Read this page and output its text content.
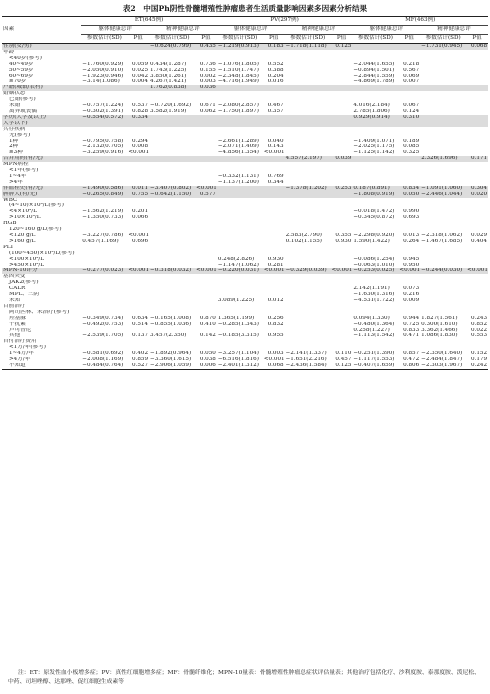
表2　中国Ph阴性骨髓增殖性肿瘤患者生活质量影响因素多因素分析结果
	ET(645例)				PV(297例)				MF(463例)			
因素	躯体健康总评		精神健康总评		躯体健康总评		精神健康总评		躯体健康总评		精神健康总评	
	参数估计(SD)	P值	参数估计(SD)	P值	参数估计(SD)	P值	参数估计(SD)	P值	参数估计(SD)	P值	参数估计(SD)	P值
性别(女/男)			−0.624(0.799)	0.435	−1.219(0.913)	0.183	−1.718(1.118)	0.125			−1.731(0.945)	0.068
年龄												
<40岁(参考)												
40~49岁	−1.760(0.929)	0.059	0.434(1.287)	0.736	−1.076(1.805)	0.552			−2.044(1.655)	0.218		
50~59岁	−2.050(0.910)	0.025	1.743(1.225)	0.155	−1.510(1.747)	0.388			−0.894(1.501)	0.567		
60~69岁	−1.923(0.946)	0.042	3.850(1.261)	0.002	−2.348(1.845)	0.204			−2.844(1.559)	0.069		
≥70岁	−3.14(1.086)	0.004	4.267(1.421)	0.003	−4.716(1.949)	0.016			−4.869(1.789)	0.007		
户籍(城镇/农村)			1.762(0.838)	0.036								
婚姻状态												
已婚(参考)												
未婚	−0.757(1.224)	0.537	−0.720(1.692)	0.671	−2.080(2.857)	0.467			4.016(2.184)	0.067		
离异或丧偶	−0.302(1.391)	0.828	3.582(1.919)	0.062	−1.750(1.897)	0.357			2.785(1.806)	0.124		
学历(大学及以上/	−0.554(0.572)	0.334							0.929(0.914)	0.310		
大学以下)												
共存疾病												
无(参考)												
1种	−0.795(0.758)	0.294			−2.661(1.289)	0.040			−1.409(1.071)	0.189		
2种	−2.132(0.705)	0.008			−2.071(1.409)	0.143			−2.025(1.175)	0.085		
≥3种	−3.259(0.916)	<0.001			−4.856(1.354)	<0.001			−1.125(1.142)	0.325		
合并用药(有/无)							4.557(2.197)	0.039			2.326(1.696)	0.171
MPN病程												
<1年(参考)												
1~4年					−0.332(1.131)	0.769						
>4年					−1.137(1.200)	0.344						
伴血栓史(有/无)	−1.490(0.586)	0.011	−3.407(0.802)	<0.001			−1.378(1.202)	0.253	0.187(0.891)	0.834	−1.091(1.060)	0.304
脾肿大(有/无)	−0.265(0.849)	0.755	−0.642(1.150)	0.577					−1.808(0.919)	0.050	−2.446(1.044)	0.020
WBC												
(4~10)×10⁹/L(参考)												
<4×10⁹/L	−1.562(1.219)	0.201							−0.018(1.472)	0.990		
>10×10⁹/L	−1.350(0.733)	0.066							−0.345(0.872)	0.693		
HGB												
120~160 g/L(参考)												
<120 g/L	−3.227(0.786)	<0.001					2.583(2.790)	0.355	−2.298(0.920)	0.013	−2.318(1.062)	0.029
>160 g/L	0.457(1.169)	0.696					0.102(1.155)	0.930	1.590(1.422)	0.264	−1.467(1.685)	0.404
PLT												
(100~450)×10⁹/L(参考)												
<100×10⁹/L					0.248(2.826)	0.930			−0.086(1.254)	0.945		
>450×10⁹/L					−1.147(1.062)	0.281			−0.063(1.010)	0.950		
MPN-10评分	−0.277(0.023)	<0.001	−0.318(0.032)	<0.001	−0.220(0.031)	<0.001	−0.329(0.039)	<0.001	−0.253(0.025)	<0.001	−0.244(0.030)	<0.001
基因突变												
JAK2(参考)												
CALR									2.142(1.191)	0.073		
MPL、三阴									−1.630(1.316)	0.216		
未知					3.089(1.225)	0.012			−4.531(1.722)	0.009		
目前治疗												
阿司匹林、未治疗(参考)												
羟基脲	−0.349(0.734)	0.634	−0.165(1.008)	0.870	1.365(1.199)	0.256			0.094(1.330)	0.944	1.827(1.561)	0.243
干扰素	−0.492(0.753)	0.514	−0.855(1.036)	0.410	−0.285(1.343)	0.832			−0.480(1.364)	0.725	0.300(1.610)	0.852
芦可替尼									0.258(1.227)	0.833	3.362(1.466)	0.022
其他	−2.539(1.705)	0.137	3.457(2.350)	0.142	−0.185(3.315)	0.955			−1.113(1.542)	0.471	1.086(1.830)	0.553
自付治疗费用												
<1万/年(参考)												
1~4万/年	−0.581(0.692)	0.402	−1.892(0.964)	0.050	−3.257(1.104)	0.003	−2.141(1.337)	0.110	−0.251(1.390)	0.857	−2.350(1.640)	0.152
>4万/年	−2.008(1.169)	0.859	−3.360(1.615)	0.038	−6.516(1.816)	<0.001	−1.651(2.216)	0.457	−1.117(1.553)	0.472	−2.484(1.847)	0.179
不知道	−0.484(0.764)	0.527	−2.906(1.059)	0.006	−2.401(1.312)	0.068	−2.436(1.584)	0.125	−0.407(1.659)	0.806	−2.303(1.967)	0.242
注：ET：原发性血小板增多症；PV：真性红细胞增多症；MF：骨髓纤维化；MPN-10量表：骨髓增殖性肿瘤总症状评估量表；其他治疗包括化疗、沙利度胺、泰那度胺、泼尼松、中药、司坦唑醇、达那唑、促红细胞生成素等
